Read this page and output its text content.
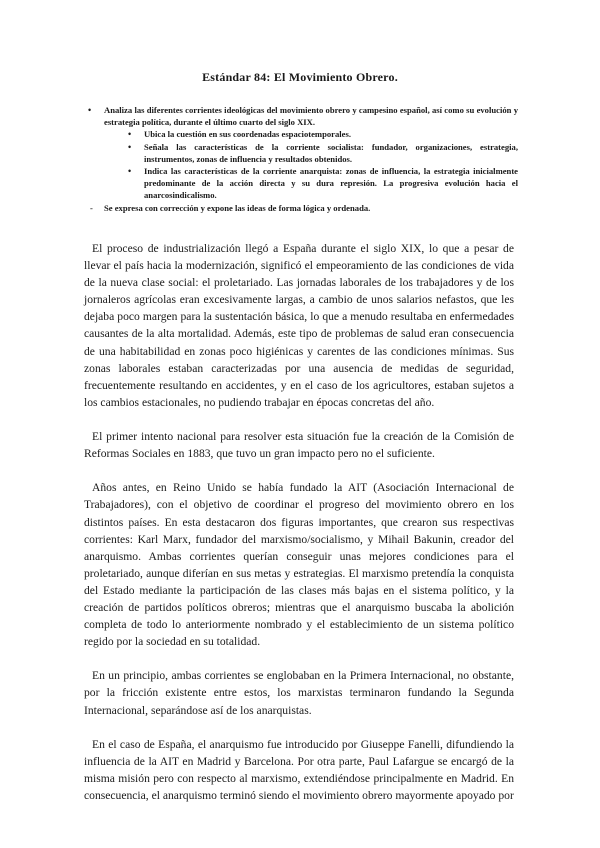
Estándar 84: El Movimiento Obrero.
• Analiza las diferentes corrientes ideológicas del movimiento obrero y campesino español, así como su evolución y estrategia política, durante el último cuarto del siglo XIX.
• Ubica la cuestión en sus coordenadas espaciotemporales.
• Señala las características de la corriente socialista: fundador, organizaciones, estrategia, instrumentos, zonas de influencia y resultados obtenidos.
• Indica las características de la corriente anarquista: zonas de influencia, la estrategia inicialmente predominante de la acción directa y su dura represión. La progresiva evolución hacia el anarcosindicalismo.
- Se expresa con corrección y expone las ideas de forma lógica y ordenada.

El proceso de industrialización llegó a España durante el siglo XIX, lo que a pesar de llevar el país hacia la modernización, significó el empeoramiento de las condiciones de vida de la nueva clase social: el proletariado. Las jornadas laborales de los trabajadores y de los jornaleros agrícolas eran excesivamente largas, a cambio de unos salarios nefastos, que les dejaba poco margen para la sustentación básica, lo que a menudo resultaba en enfermedades causantes de la alta mortalidad. Además, este tipo de problemas de salud eran consecuencia de una habitabilidad en zonas poco higiénicas y carentes de las condiciones mínimas. Sus zonas laborales estaban caracterizadas por una ausencia de medidas de seguridad, frecuentemente resultando en accidentes, y en el caso de los agricultores, estaban sujetos a los cambios estacionales, no pudiendo trabajar en épocas concretas del año.

El primer intento nacional para resolver esta situación fue la creación de la Comisión de Reformas Sociales en 1883, que tuvo un gran impacto pero no el suficiente.

Años antes, en Reino Unido se había fundado la AIT (Asociación Internacional de Trabajadores), con el objetivo de coordinar el progreso del movimiento obrero en los distintos países. En esta destacaron dos figuras importantes, que crearon sus respectivas corrientes: Karl Marx, fundador del marxismo/socialismo, y Mihail Bakunin, creador del anarquismo. Ambas corrientes querían conseguir unas mejores condiciones para el proletariado, aunque diferían en sus metas y estrategias. El marxismo pretendía la conquista del Estado mediante la participación de las clases más bajas en el sistema político, y la creación de partidos políticos obreros; mientras que el anarquismo buscaba la abolición completa de todo lo anteriormente nombrado y el establecimiento de un sistema político regido por la sociedad en su totalidad.

En un principio, ambas corrientes se englobaban en la Primera Internacional, no obstante, por la fricción existente entre estos, los marxistas terminaron fundando la Segunda Internacional, separándose así de los anarquistas.

En el caso de España, el anarquismo fue introducido por Giuseppe Fanelli, difundiendo la influencia de la AIT en Madrid y Barcelona. Por otra parte, Paul Lafargue se encargó de la misma misión pero con respecto al marxismo, extendiéndose principalmente en Madrid. En consecuencia, el anarquismo terminó siendo el movimiento obrero mayormente apoyado por
